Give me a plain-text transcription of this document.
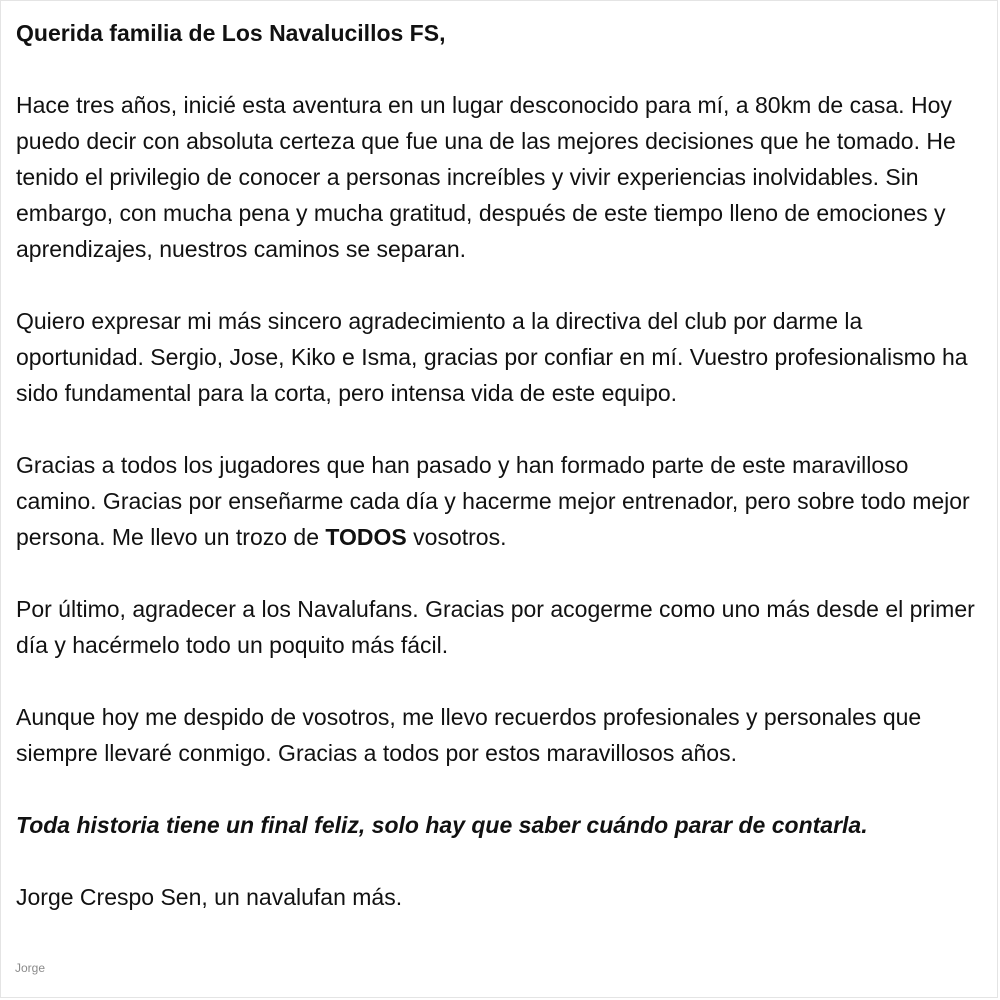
Querida familia de Los Navalucillos FS,

Hace tres años, inicié esta aventura en un lugar desconocido para mí, a 80km de casa. Hoy puedo decir con absoluta certeza que fue una de las mejores decisiones que he tomado. He tenido el privilegio de conocer a personas increíbles y vivir experiencias inolvidables. Sin embargo, con mucha pena y mucha gratitud, después de este tiempo lleno de emociones y aprendizajes, nuestros caminos se separan.

Quiero expresar mi más sincero agradecimiento a la directiva del club por darme la oportunidad. Sergio, Jose, Kiko e Isma, gracias por confiar en mí. Vuestro profesionalismo ha sido fundamental para la corta, pero intensa vida de este equipo.

Gracias a todos los jugadores que han pasado y han formado parte de este maravilloso camino. Gracias por enseñarme cada día y hacerme mejor entrenador, pero sobre todo mejor persona. Me llevo un trozo de TODOS vosotros.

Por último, agradecer a los Navalufans. Gracias por acogerme como uno más desde el primer día y hacérmelo todo un poquito más fácil.

Aunque hoy me despido de vosotros, me llevo recuerdos profesionales y personales que siempre llevaré conmigo. Gracias a todos por estos maravillosos años.

Toda historia tiene un final feliz, solo hay que saber cuándo parar de contarla.

Jorge Crespo Sen, un navalufan más.

Jorge
